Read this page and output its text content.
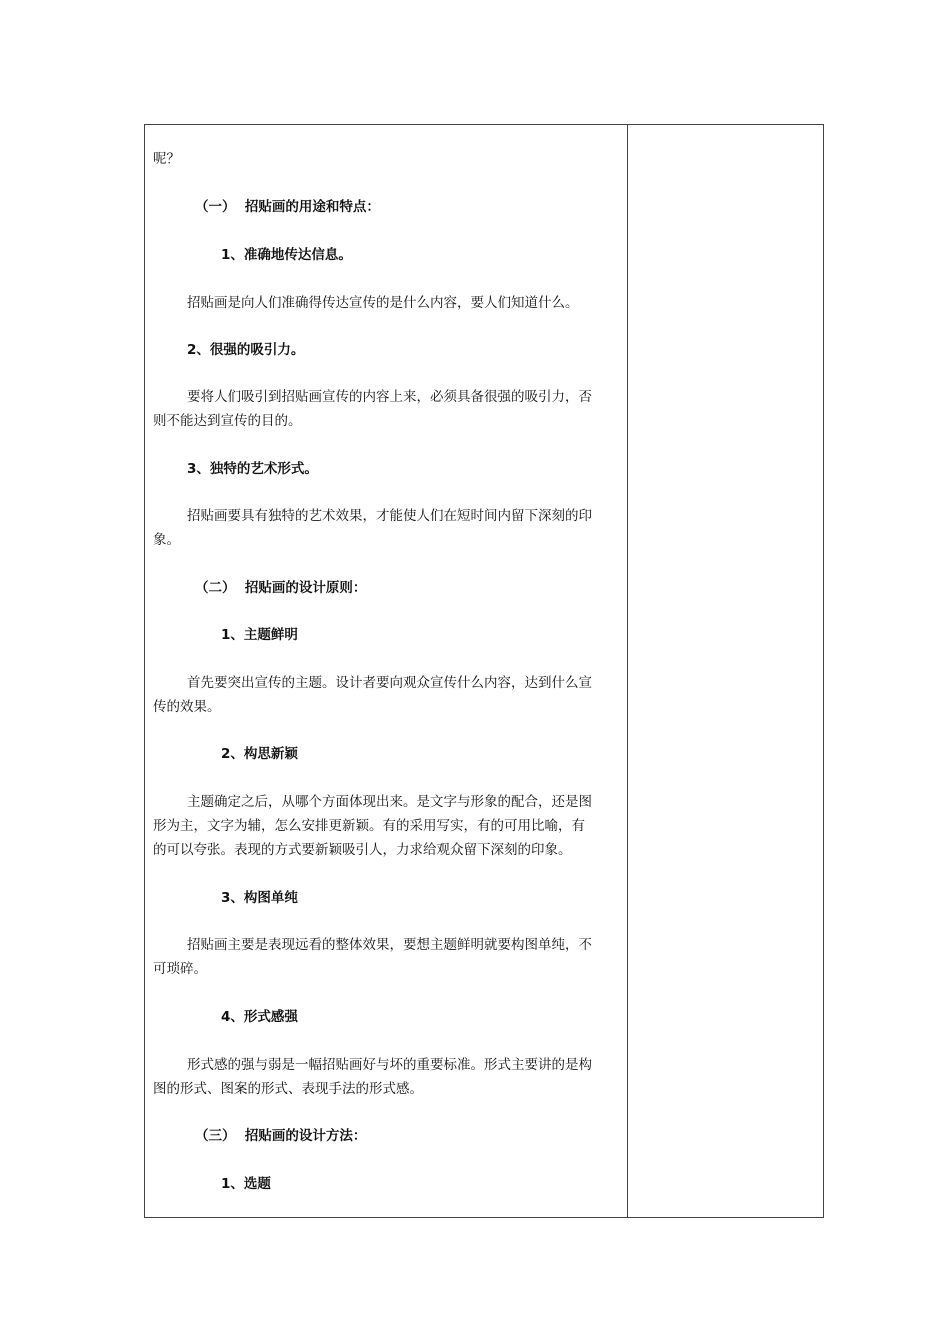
呢？
（一） 招贴画的用途和特点：
1、准确地传达信息。
招贴画是向人们准确得传达宣传的是什么内容，要人们知道什么。
2、很强的吸引力。
要将人们吸引到招贴画宣传的内容上来，必须具备很强的吸引力，否
则不能达到宣传的目的。
3、独特的艺术形式。
招贴画要具有独特的艺术效果，才能使人们在短时间内留下深刻的印
象。
（二） 招贴画的设计原则：
1、主题鲜明
首先要突出宣传的主题。设计者要向观众宣传什么内容，达到什么宣
传的效果。
2、构思新颖
主题确定之后，从哪个方面体现出来。是文字与形象的配合，还是图
形为主，文字为辅，怎么安排更新颖。有的采用写实，有的可用比喻，有
的可以夸张。表现的方式要新颖吸引人，力求给观众留下深刻的印象。
3、构图单纯
招贴画主要是表现远看的整体效果，要想主题鲜明就要构图单纯，不
可琐碎。
4、形式感强
形式感的强与弱是一幅招贴画好与坏的重要标准。形式主要讲的是构
图的形式、图案的形式、表现手法的形式感。
（三） 招贴画的设计方法：
1、选题
